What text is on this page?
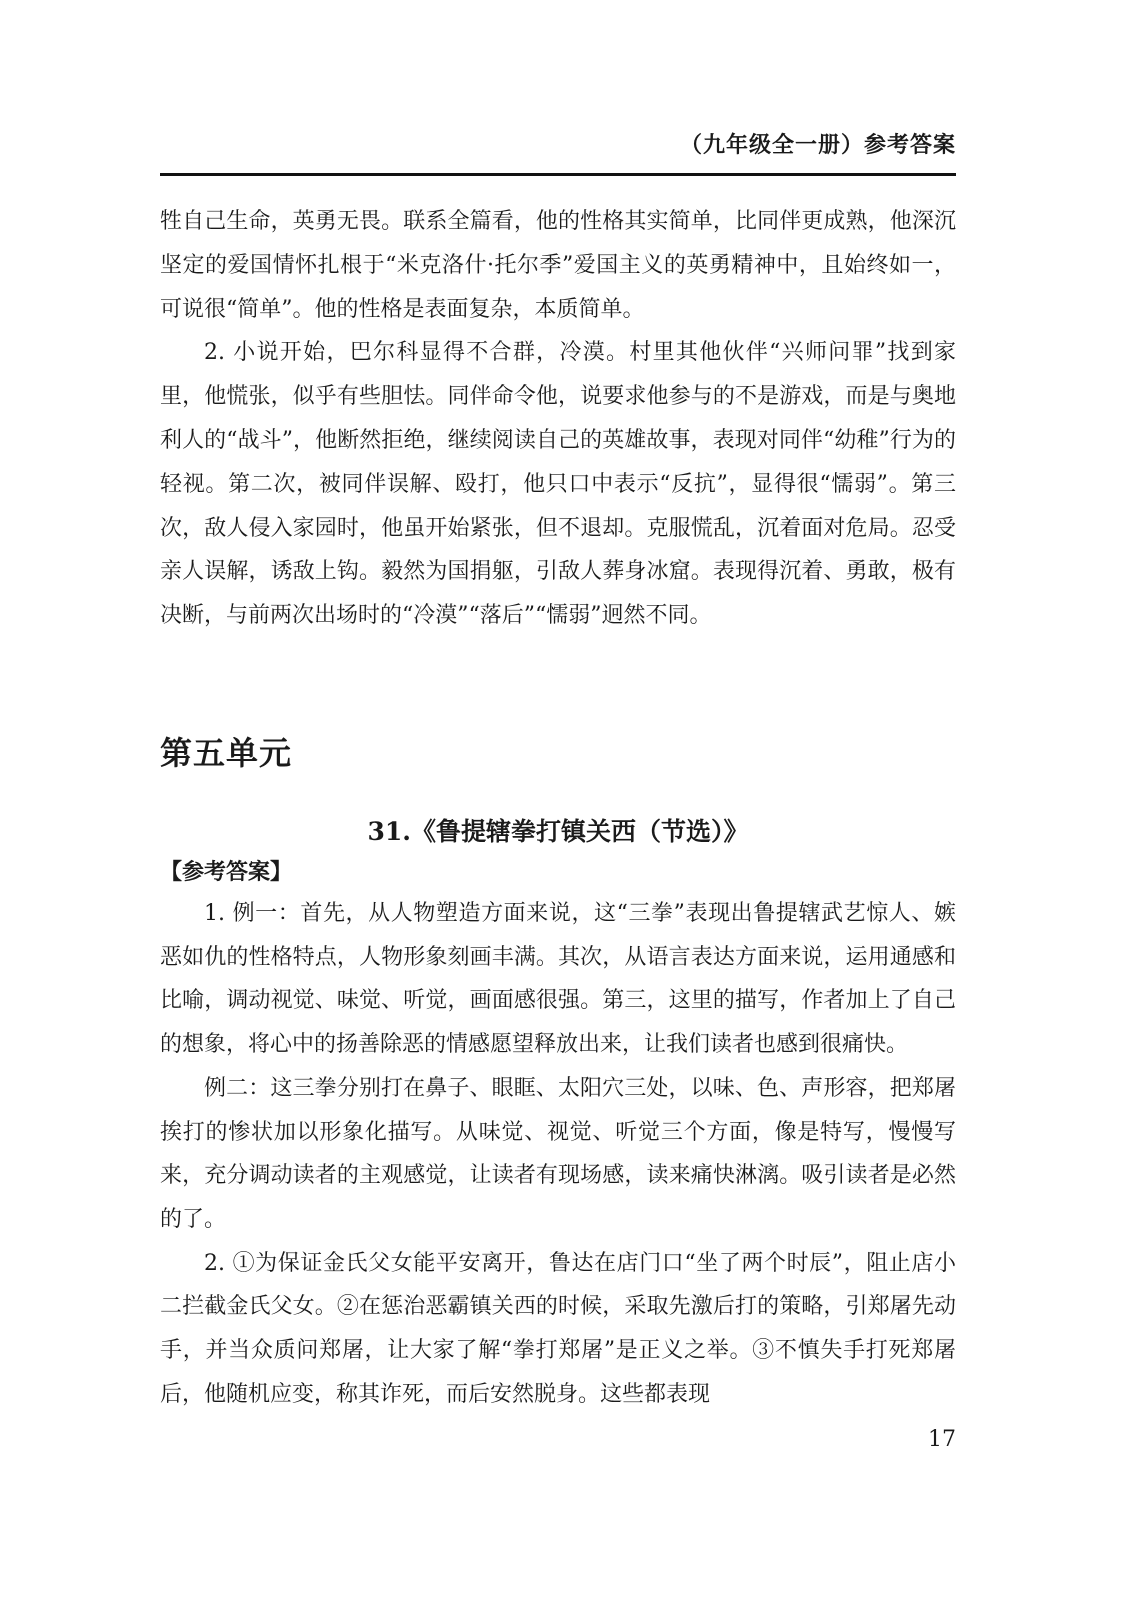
（九年级全一册）参考答案

牲自己生命，英勇无畏。联系全篇看，他的性格其实简单，比同伴更成熟，他深沉坚定的爱国情怀扎根于“米克洛什·托尔季”爱国主义的英勇精神中，且始终如一，可说很“简单”。他的性格是表面复杂，本质简单。

2. 小说开始，巴尔科显得不合群，冷漠。村里其他伙伴“兴师问罪”找到家里，他慌张，似乎有些胆怯。同伴命令他，说要求他参与的不是游戏，而是与奥地利人的“战斗”，他断然拒绝，继续阅读自己的英雄故事，表现对同伴“幼稚”行为的轻视。第二次，被同伴误解、殴打，他只口中表示“反抗”，显得很“懦弱”。第三次，敌人侵入家园时，他虽开始紧张，但不退却。克服慌乱，沉着面对危局。忍受亲人误解，诱敌上钩。毅然为国捐躯，引敌人葬身冰窟。表现得沉着、勇敢，极有决断，与前两次出场时的“冷漠”“落后”“懦弱”迥然不同。

第五单元
31.《鲁提辖拳打镇关西（节选）》
【参考答案】

1. 例一：首先，从人物塑造方面来说，这“三拳”表现出鲁提辖武艺惊人、嫉恶如仇的性格特点，人物形象刻画丰满。其次，从语言表达方面来说，运用通感和比喻，调动视觉、味觉、听觉，画面感很强。第三，这里的描写，作者加上了自己的想象，将心中的扬善除恶的情感愿望释放出来，让我们读者也感到很痛快。

例二：这三拳分别打在鼻子、眼眶、太阳穴三处，以味、色、声形容，把郑屠挨打的惨状加以形象化描写。从味觉、视觉、听觉三个方面，像是特写，慢慢写来，充分调动读者的主观感觉，让读者有现场感，读来痛快淋漓。吸引读者是必然的了。

2. ①为保证金氏父女能平安离开，鲁达在店门口“坐了两个时辰”，阻止店小二拦截金氏父女。②在惩治恶霸镇关西的时候，采取先激后打的策略，引郑屠先动手，并当众质问郑屠，让大家了解“拳打郑屠”是正义之举。③不慎失手打死郑屠后，他随机应变，称其诈死，而后安然脱身。这些都表现

17
